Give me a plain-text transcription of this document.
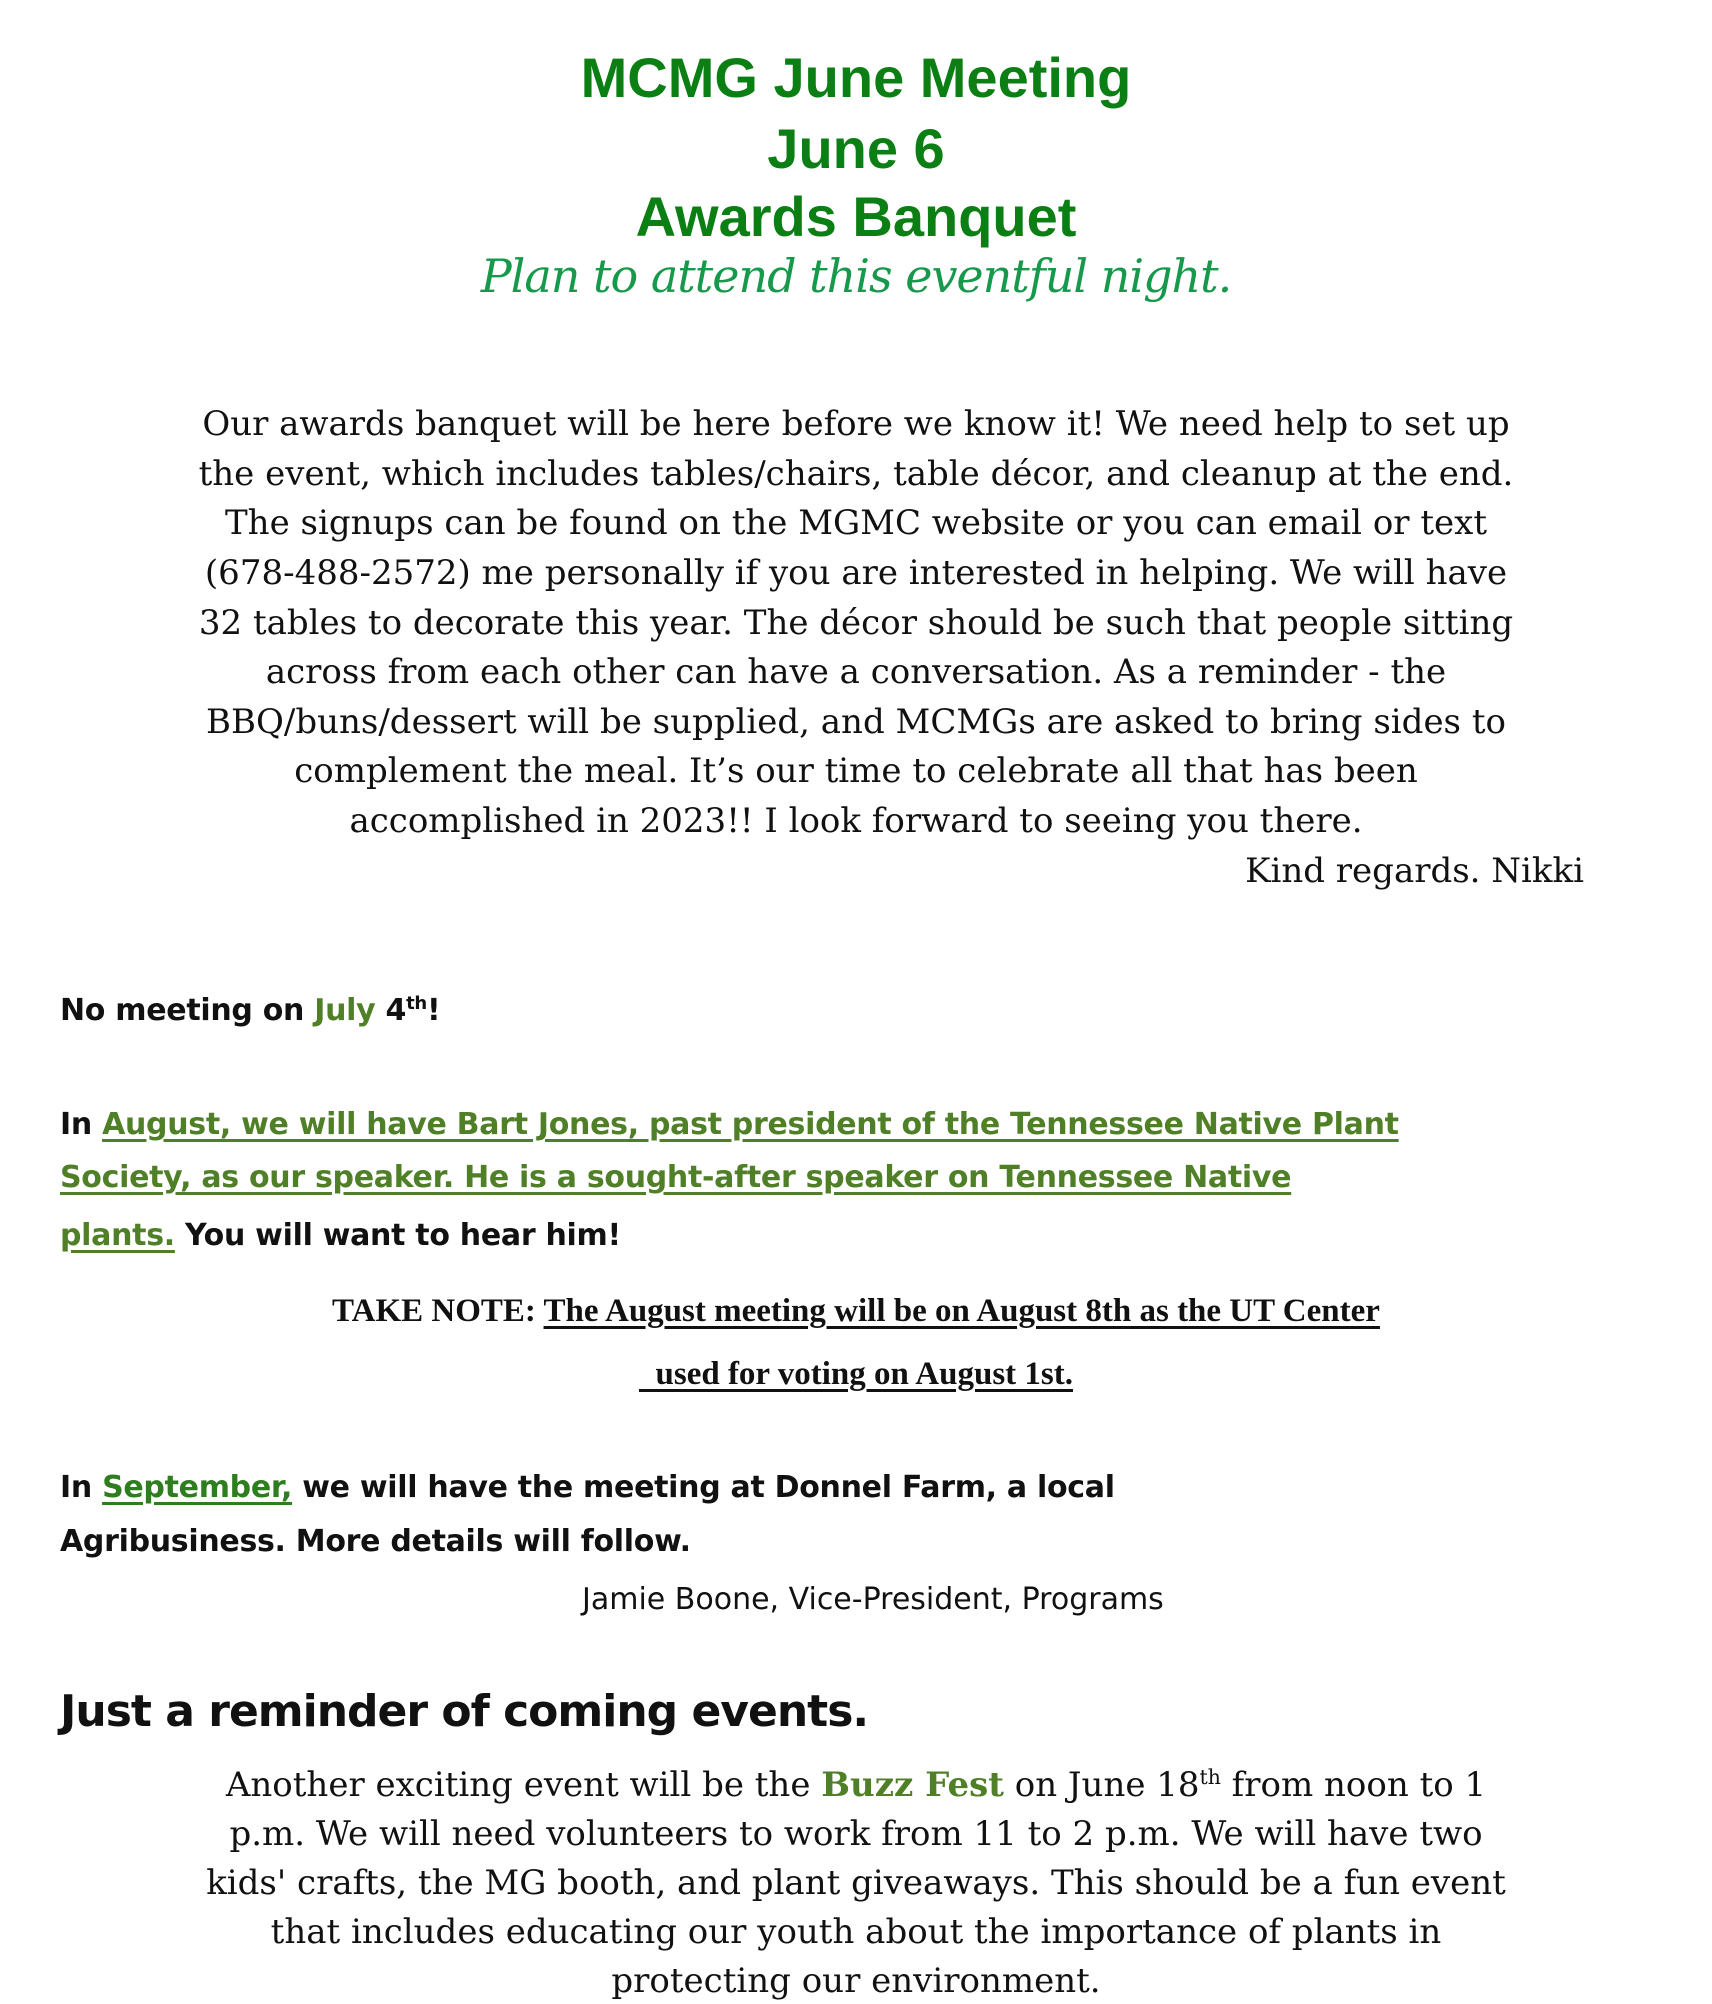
MCMG June Meeting
June 6
Awards Banquet
Plan to attend this eventful night.
Our awards banquet will be here before we know it! We need help to set up
the event, which includes tables/chairs, table décor, and cleanup at the end.
The signups can be found on the MGMC website or you can email or text
(678-488-2572) me personally if you are interested in helping. We will have
32 tables to decorate this year. The décor should be such that people sitting
across from each other can have a conversation. As a reminder - the
BBQ/buns/dessert will be supplied, and MCMGs are asked to bring sides to
complement the meal. It’s our time to celebrate all that has been
accomplished in 2023!! I look forward to seeing you there.
Kind regards. Nikki
No meeting on July 4th!
In August, we will have Bart Jones, past president of the Tennessee Native Plant
Society, as our speaker. He is a sought-after speaker on Tennessee Native
plants. You will want to hear him!
TAKE NOTE: The August meeting will be on August 8th as the UT Center
used for voting on August 1st.
In September, we will have the meeting at Donnel Farm, a local
Agribusiness. More details will follow.
Jamie Boone, Vice-President, Programs
Just a reminder of coming events.
Another exciting event will be the Buzz Fest on June 18th from noon to 1
p.m. We will need volunteers to work from 11 to 2 p.m. We will have two
kids' crafts, the MG booth, and plant giveaways. This should be a fun event
that includes educating our youth about the importance of plants in
protecting our environment.
